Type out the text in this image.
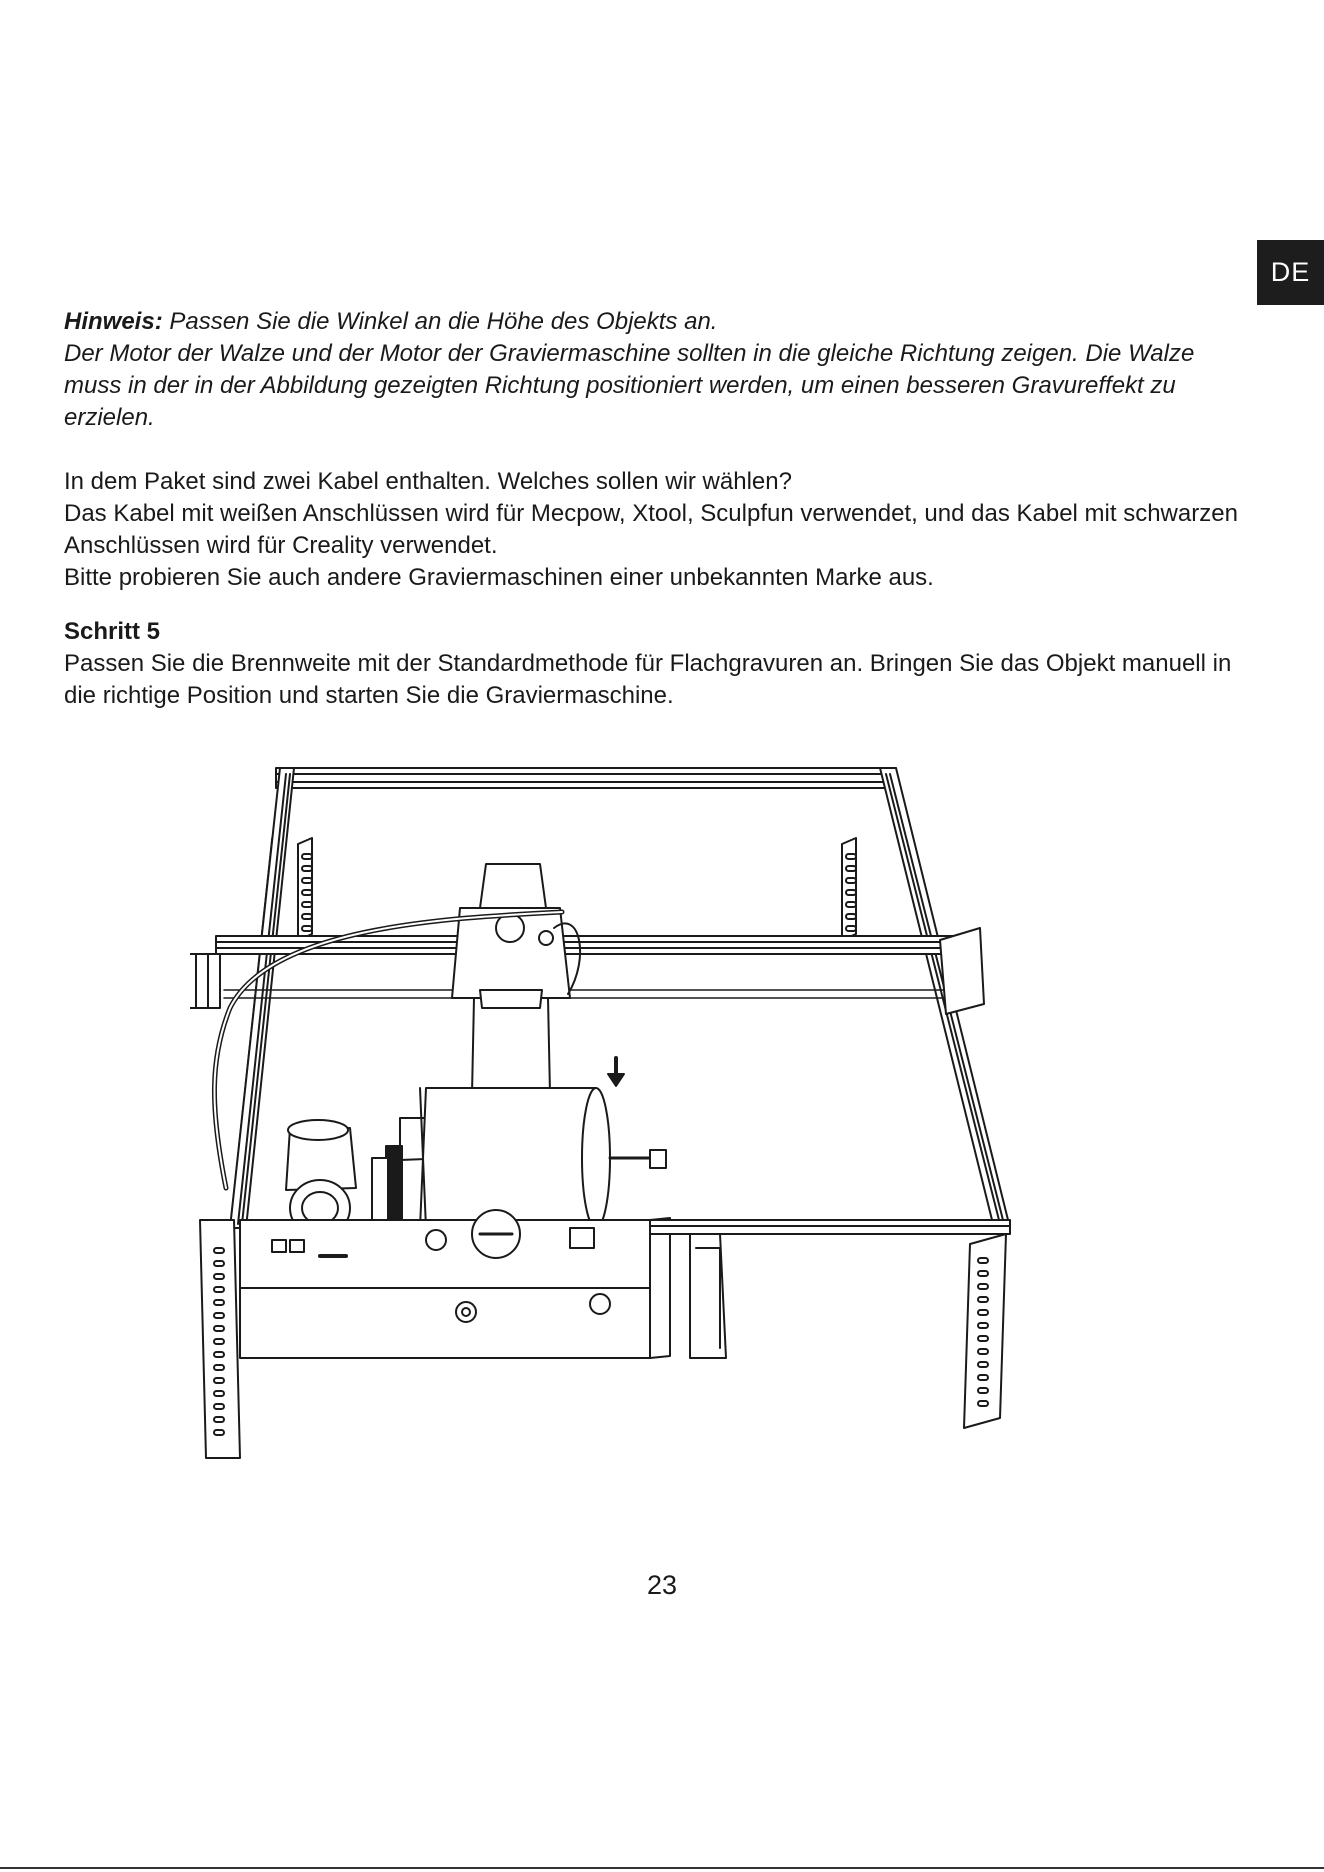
DE

Hinweis: Passen Sie die Winkel an die Höhe des Objekts an.

Der Motor der Walze und der Motor der Graviermaschine sollten in die gleiche Richtung zeigen. Die Walze muss in der in der Abbildung gezeigten Richtung positioniert werden, um einen besseren Gravureffekt zu erzielen.

In dem Paket sind zwei Kabel enthalten. Welches sollen wir wählen?

Das Kabel mit weißen Anschlüssen wird für Mecpow, Xtool, Sculpfun verwendet, und das Kabel mit schwarzen Anschlüssen wird für Creality verwendet.

Bitte probieren Sie auch andere Graviermaschinen einer unbekannten Marke aus.

Schritt 5

Passen Sie die Brennweite mit der Standardmethode für Flachgravuren an. Bringen Sie das Objekt manuell in die richtige Position und starten Sie die Graviermaschine.

23
